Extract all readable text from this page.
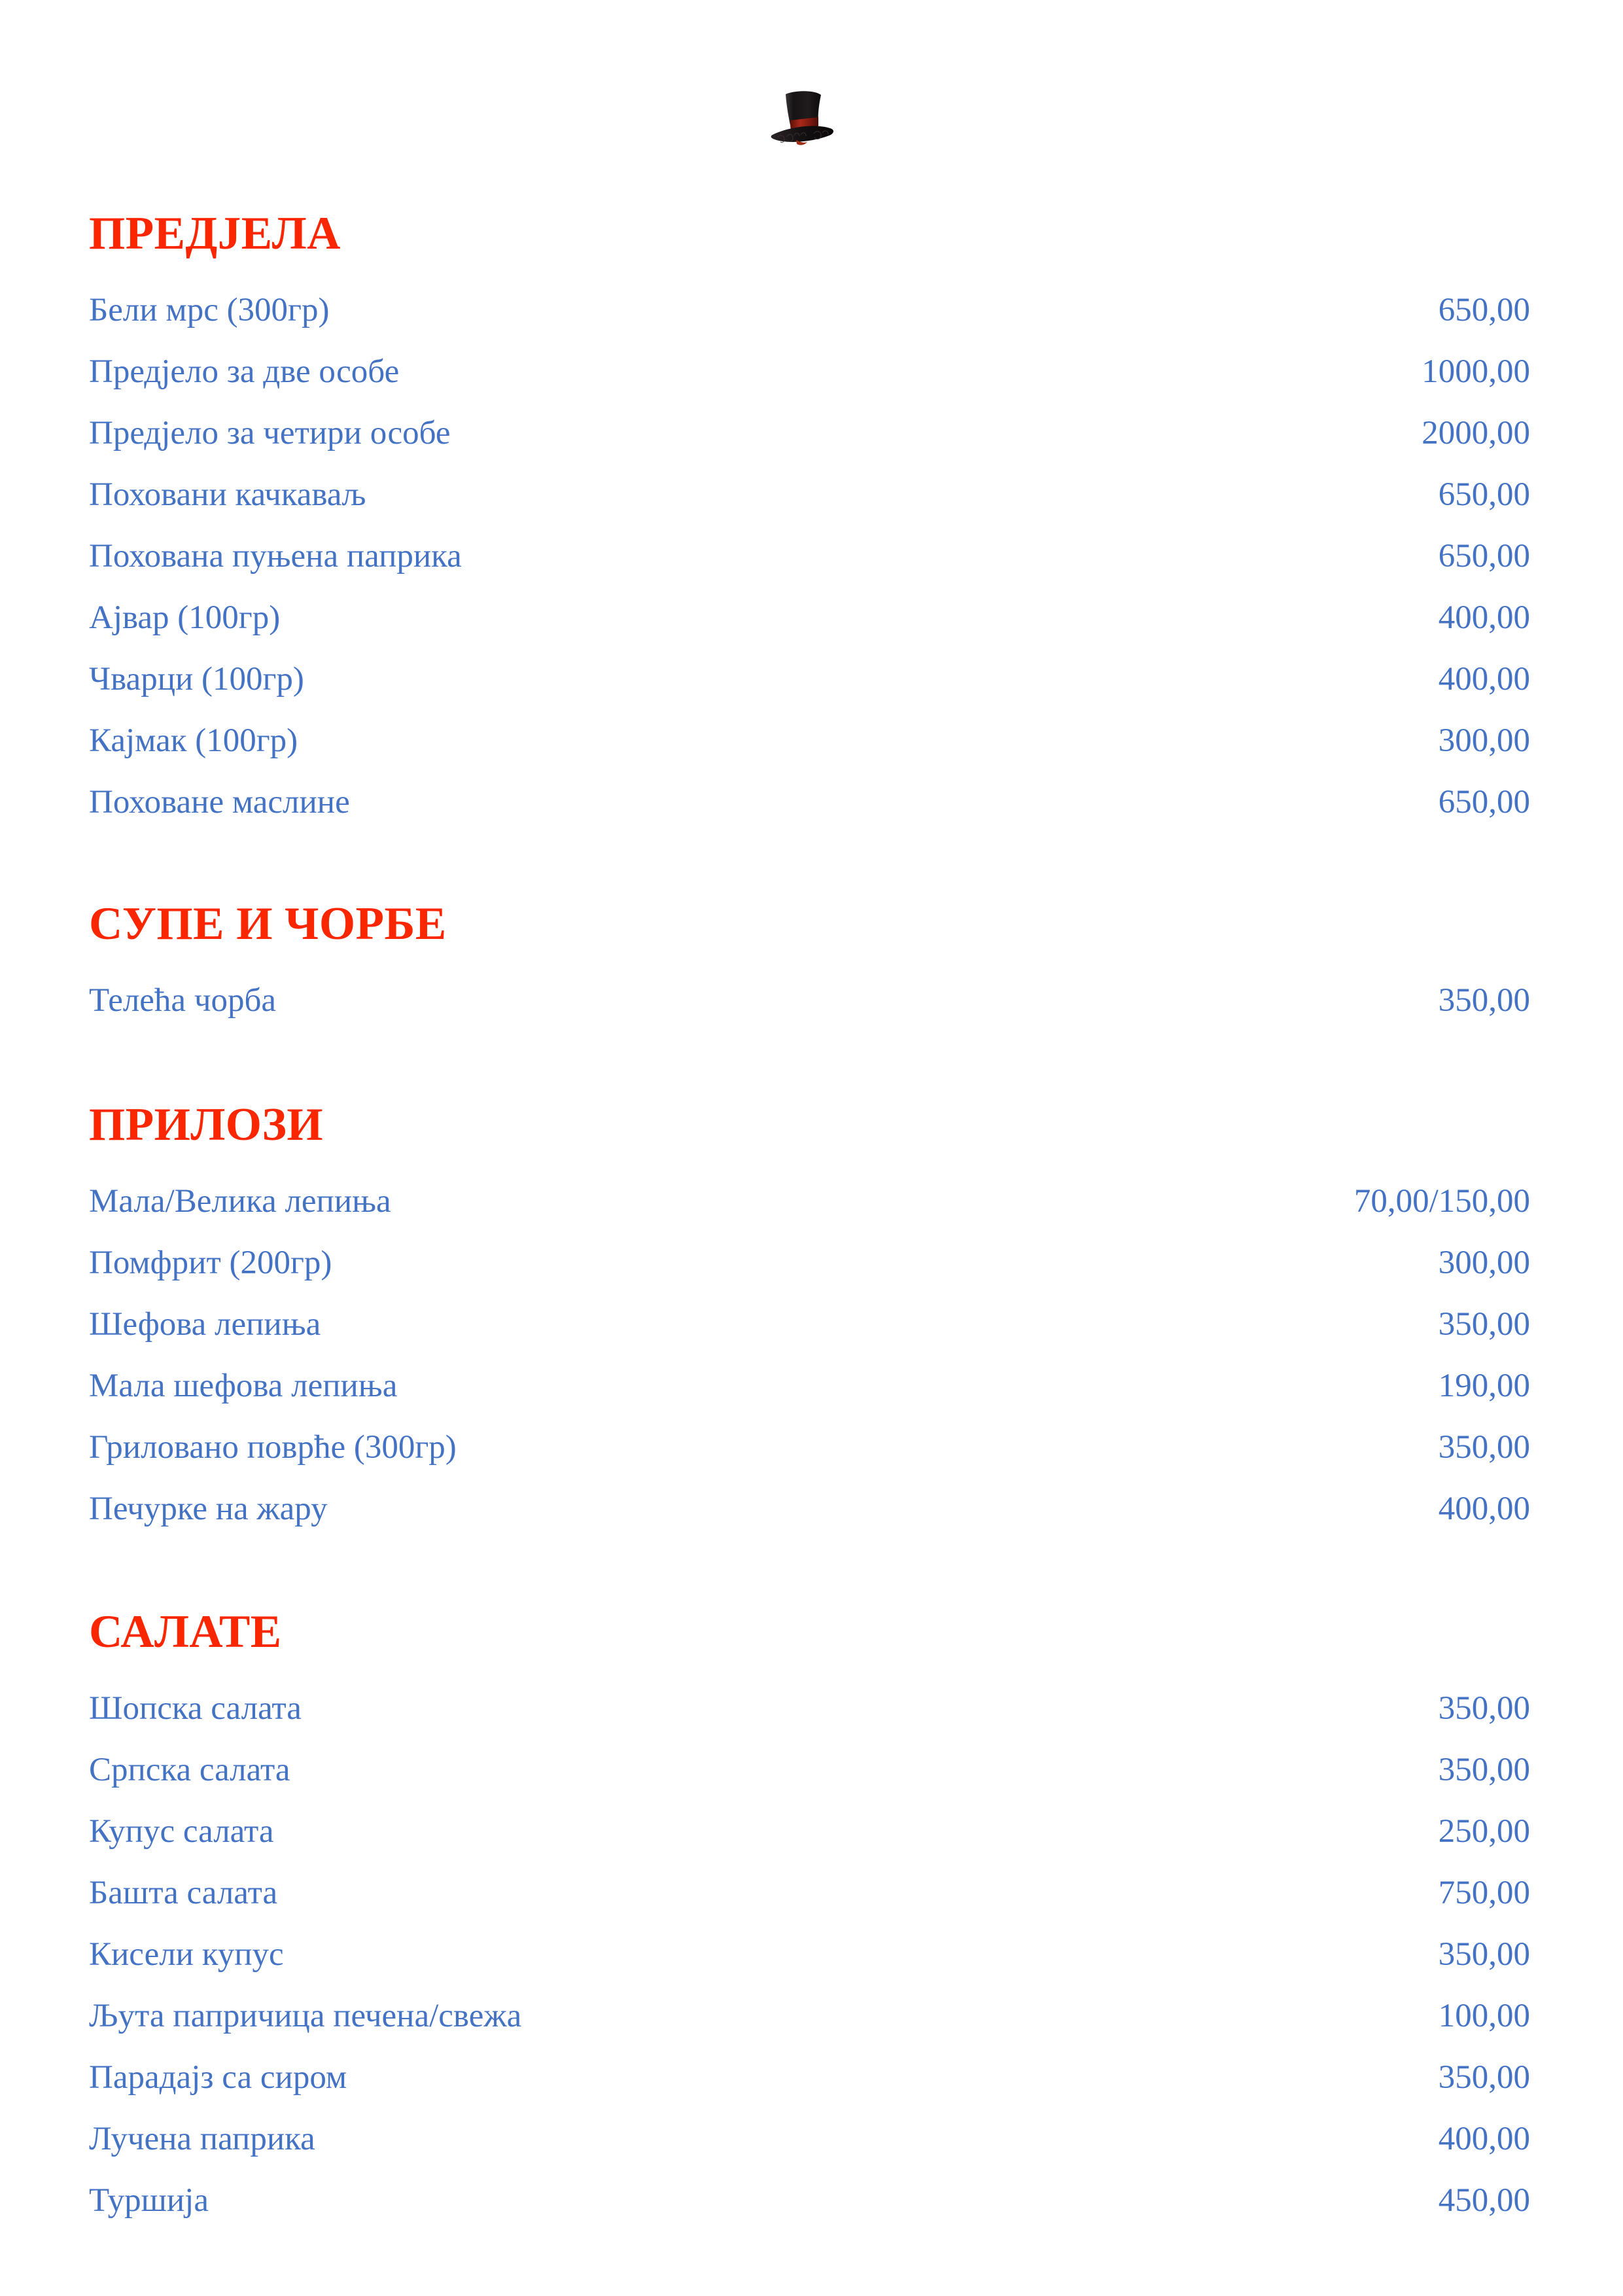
ПРЕДЈЕЛА
Бели мрс (300гр)	650,00
Предјело за две особе	1000,00
Предјело за четири особе	2000,00
Поховани качкаваљ	650,00
Похована пуњена паприка	650,00
Ајвар (100гр)	400,00
Чварци (100гр)	400,00
Кајмак (100гр)	300,00
Поховане маслине	650,00
СУПЕ И ЧОРБЕ
Телећа чорба	350,00
ПРИЛОЗИ
Мала/Велика лепиња	70,00/150,00
Помфрит (200гр)	300,00
Шефова лепиња	350,00
Мала шефова лепиња	190,00
Гриловано поврће (300гр)	350,00
Печурке на жару	400,00
САЛАТЕ
Шопска салата	350,00
Српска салата	350,00
Купус салата	250,00
Башта салата	750,00
Кисели купус	350,00
Љута папричица печена/свежа	100,00
Парадајз са сиром	350,00
Лучена паприка	400,00
Туршија	450,00
